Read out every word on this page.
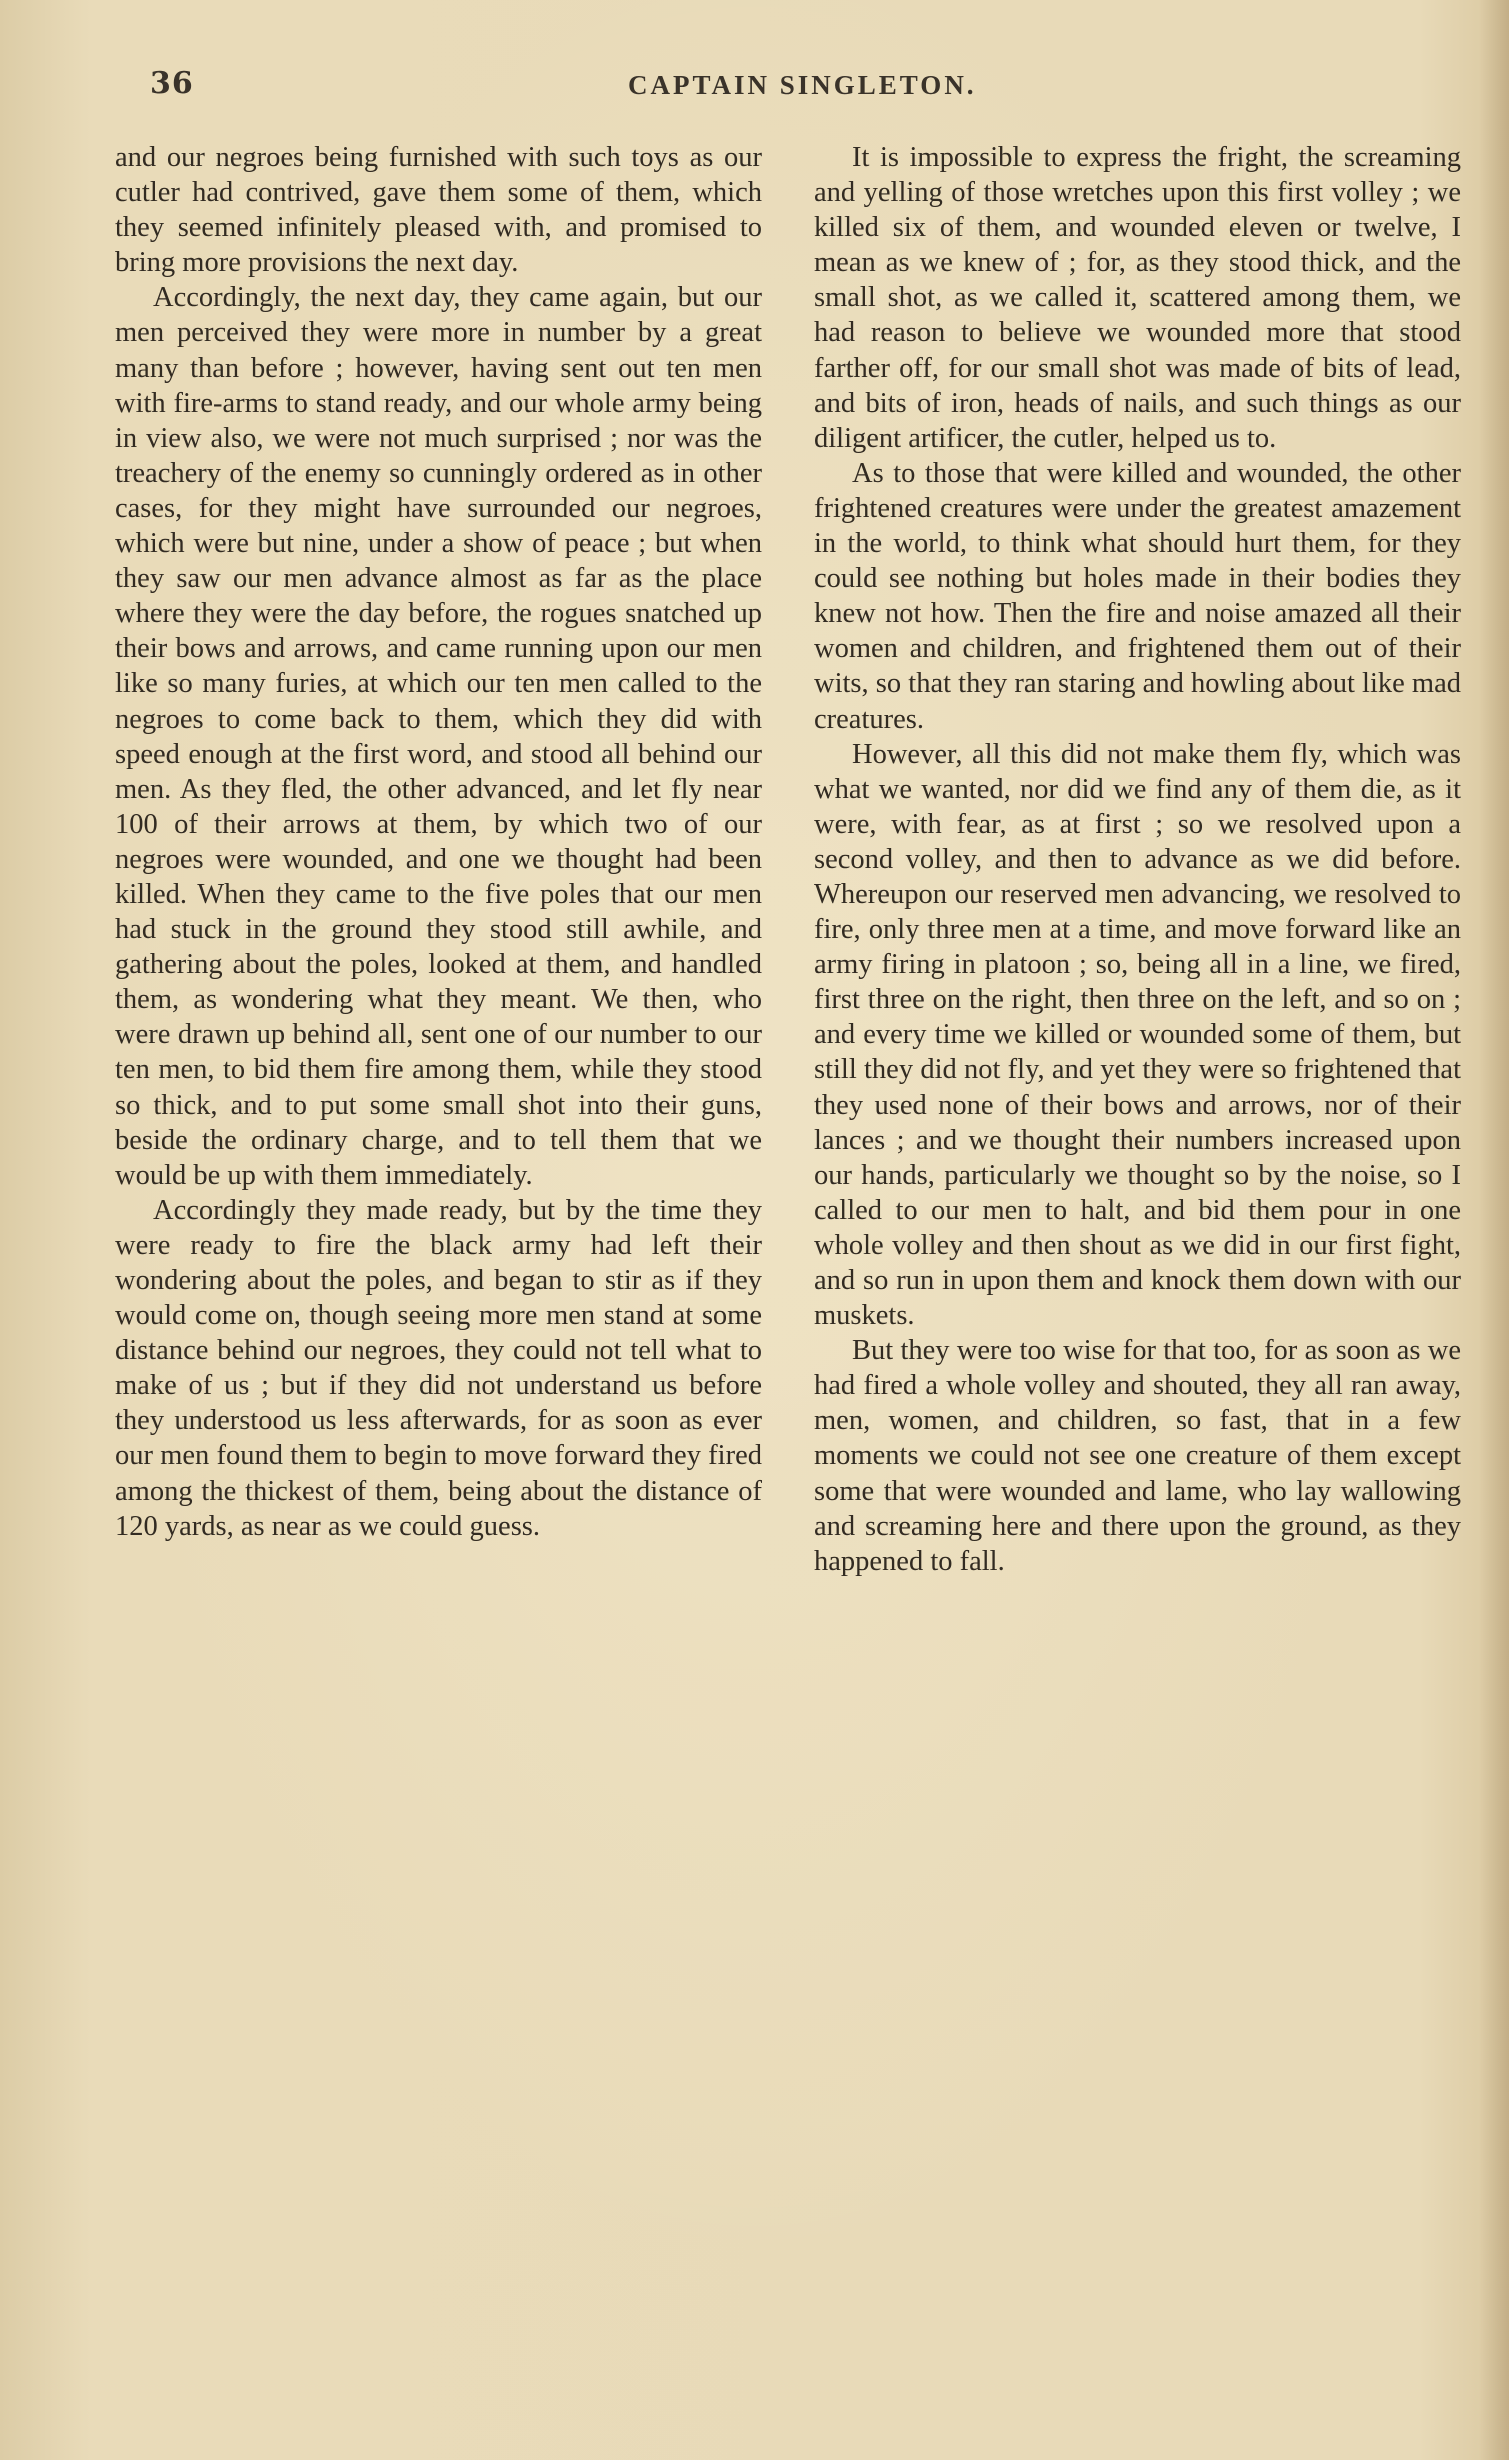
36	CAPTAIN SINGLETON.

and our negroes being furnished with such toys as our cutler had contrived, gave them some of them, which they seemed infinitely pleased with, and promised to bring more provisions the next day.

Accordingly, the next day, they came again, but our men perceived they were more in number by a great many than before ; however, having sent out ten men with fire-arms to stand ready, and our whole army being in view also, we were not much surprised ; nor was the treachery of the enemy so cunningly ordered as in other cases, for they might have surrounded our negroes, which were but nine, under a show of peace ; but when they saw our men advance almost as far as the place where they were the day before, the rogues snatched up their bows and arrows, and came running upon our men like so many furies, at which our ten men called to the negroes to come back to them, which they did with speed enough at the first word, and stood all behind our men. As they fled, the other advanced, and let fly near 100 of their arrows at them, by which two of our negroes were wounded, and one we thought had been killed. When they came to the five poles that our men had stuck in the ground they stood still awhile, and gathering about the poles, looked at them, and handled them, as wondering what they meant. We then, who were drawn up behind all, sent one of our number to our ten men, to bid them fire among them, while they stood so thick, and to put some small shot into their guns, beside the ordinary charge, and to tell them that we would be up with them immediately.

Accordingly they made ready, but by the time they were ready to fire the black army had left their wondering about the poles, and began to stir as if they would come on, though seeing more men stand at some distance behind our negroes, they could not tell what to make of us ; but if they did not understand us before they understood us less afterwards, for as soon as ever our men found them to begin to move forward they fired among the thickest of them, being about the distance of 120 yards, as near as we could guess.

It is impossible to express the fright, the screaming and yelling of those wretches upon this first volley ; we killed six of them, and wounded eleven or twelve, I mean as we knew of ; for, as they stood thick, and the small shot, as we called it, scattered among them, we had reason to believe we wounded more that stood farther off, for our small shot was made of bits of lead, and bits of iron, heads of nails, and such things as our diligent artificer, the cutler, helped us to.

As to those that were killed and wounded, the other frightened creatures were under the greatest amazement in the world, to think what should hurt them, for they could see nothing but holes made in their bodies they knew not how. Then the fire and noise amazed all their women and children, and frightened them out of their wits, so that they ran staring and howling about like mad creatures.

However, all this did not make them fly, which was what we wanted, nor did we find any of them die, as it were, with fear, as at first ; so we resolved upon a second volley, and then to advance as we did before. Whereupon our reserved men advancing, we resolved to fire, only three men at a time, and move forward like an army firing in platoon ; so, being all in a line, we fired, first three on the right, then three on the left, and so on ; and every time we killed or wounded some of them, but still they did not fly, and yet they were so frightened that they used none of their bows and arrows, nor of their lances ; and we thought their numbers increased upon our hands, particularly we thought so by the noise, so I called to our men to halt, and bid them pour in one whole volley and then shout as we did in our first fight, and so run in upon them and knock them down with our muskets.

But they were too wise for that too, for as soon as we had fired a whole volley and shouted, they all ran away, men, women, and children, so fast, that in a few moments we could not see one creature of them except some that were wounded and lame, who lay wallowing and screaming here and there upon the ground, as they happened to fall.
